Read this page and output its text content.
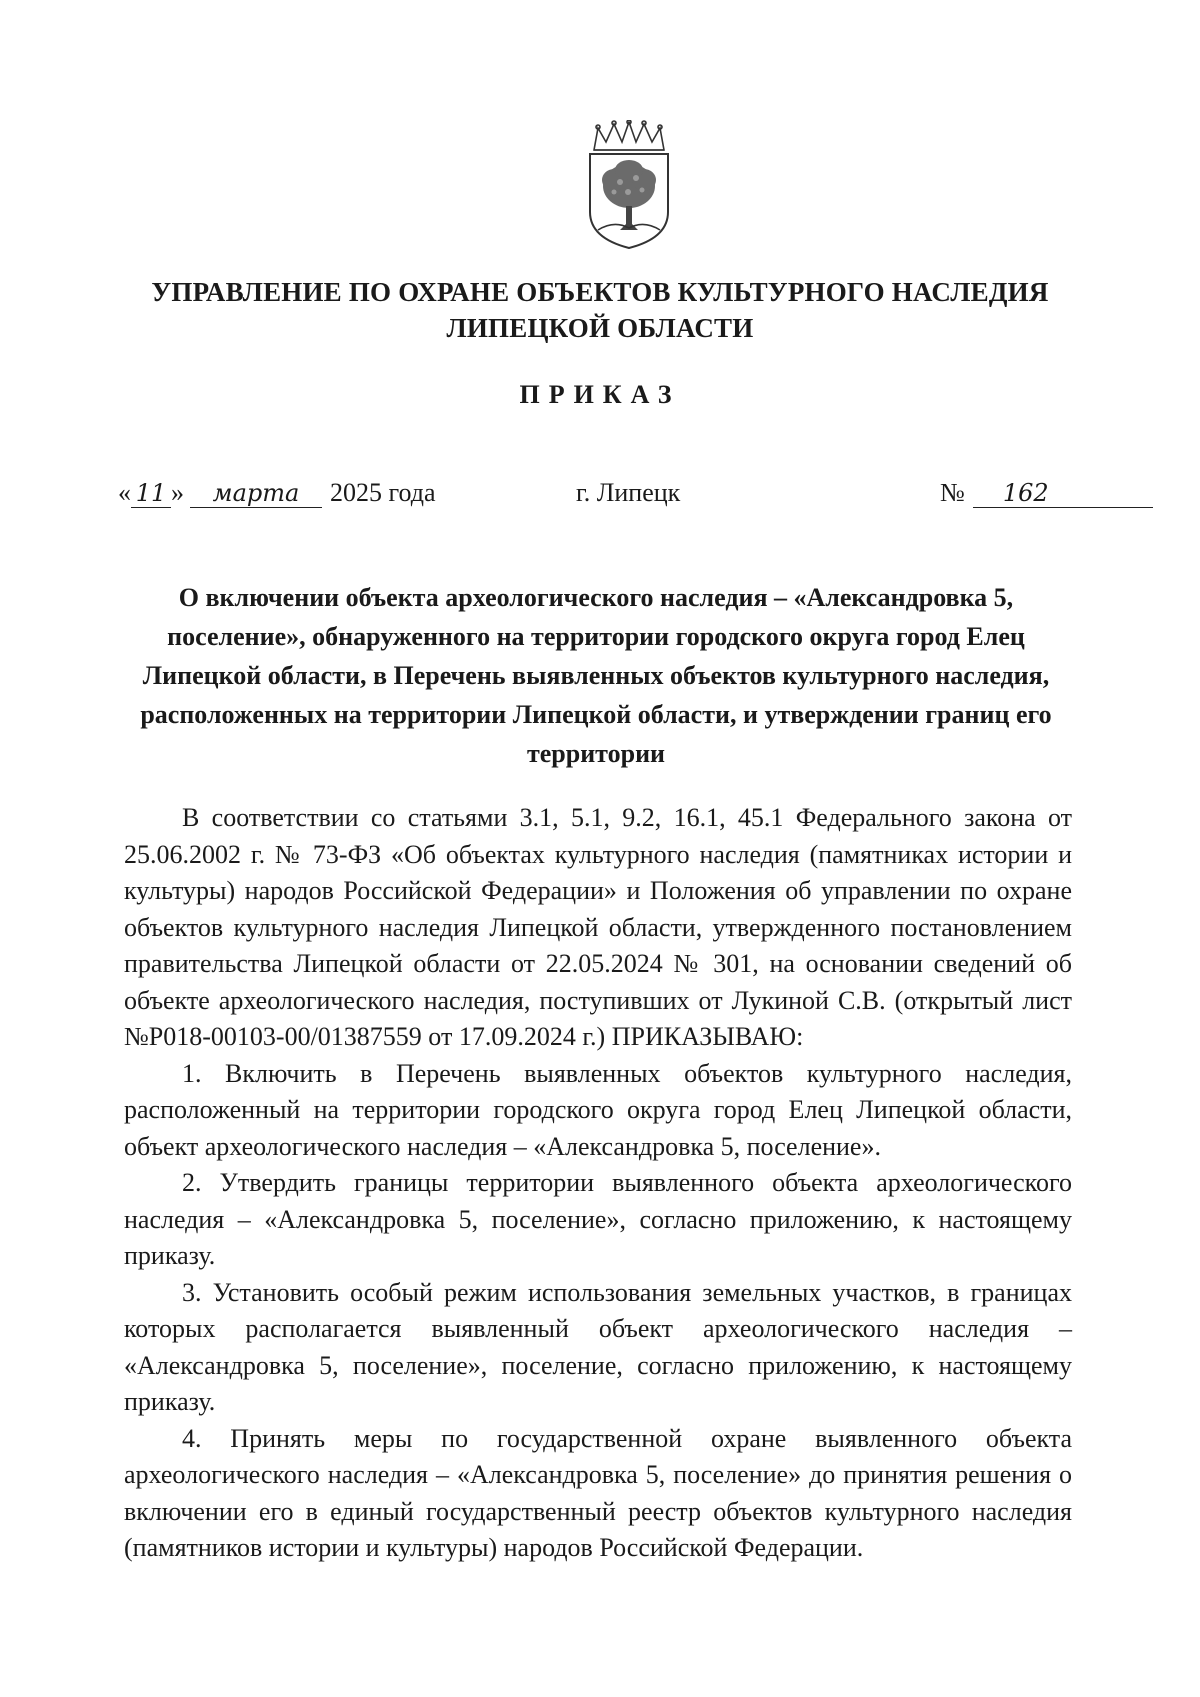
УПРАВЛЕНИЕ ПО ОХРАНЕ ОБЪЕКТОВ КУЛЬТУРНОГО НАСЛЕДИЯ
ЛИПЕЦКОЙ ОБЛАСТИ
ПРИКАЗ
« 11 » марта 2025 года	г. Липецк	№ 162
О включении объекта археологического наследия – «Александровка 5, поселение», обнаруженного на территории городского округа город Елец Липецкой области, в Перечень выявленных объектов культурного наследия, расположенных на территории Липецкой области, и утверждении границ его территории

В соответствии со статьями 3.1, 5.1, 9.2, 16.1, 45.1 Федерального закона от 25.06.2002 г. № 73-ФЗ «Об объектах культурного наследия (памятниках истории и культуры) народов Российской Федерации» и Положения об управлении по охране объектов культурного наследия Липецкой области, утвержденного постановлением правительства Липецкой области от 22.05.2024 № 301, на основании сведений об объекте археологического наследия, поступивших от Лукиной С.В. (открытый лист №Р018-00103-00/01387559 от 17.09.2024 г.) ПРИКАЗЫВАЮ:

1. Включить в Перечень выявленных объектов культурного наследия, расположенный на территории городского округа город Елец Липецкой области, объект археологического наследия – «Александровка 5, поселение».

2. Утвердить границы территории выявленного объекта археологического наследия – «Александровка 5, поселение», согласно приложению, к настоящему приказу.

3. Установить особый режим использования земельных участков, в границах которых располагается выявленный объект археологического наследия – «Александровка 5, поселение», поселение, согласно приложению, к настоящему приказу.

4. Принять меры по государственной охране выявленного объекта археологического наследия – «Александровка 5, поселение» до принятия решения о включении его в единый государственный реестр объектов культурного наследия (памятников истории и культуры) народов Российской Федерации.
